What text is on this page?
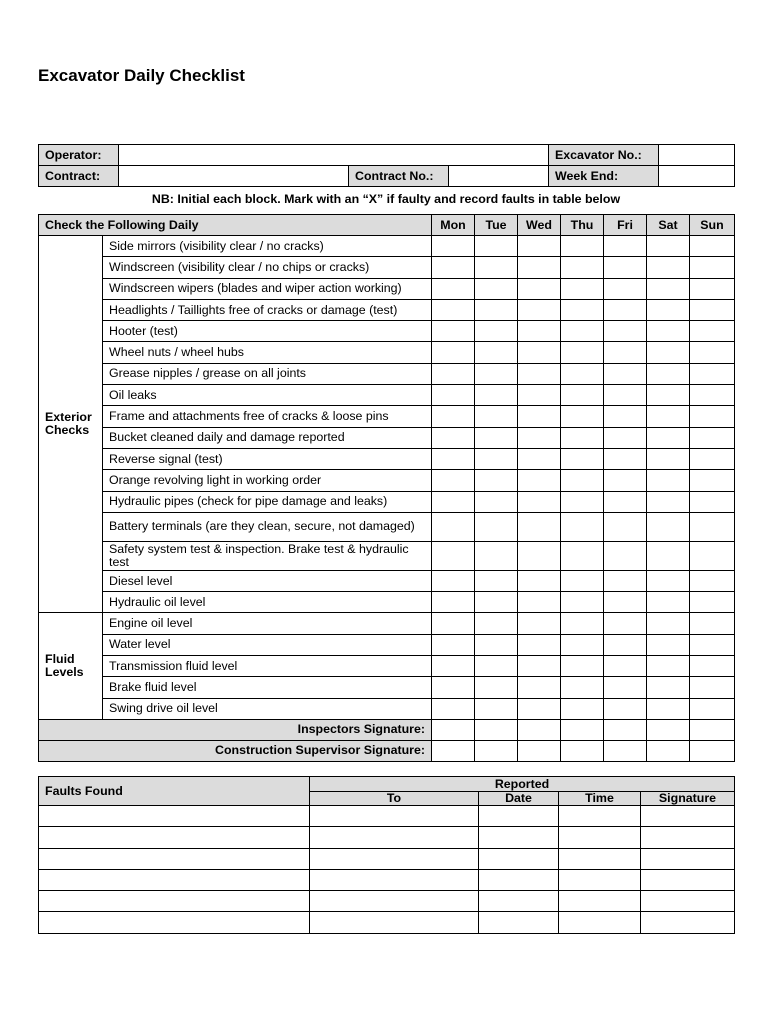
Excavator Daily Checklist
Operator:				Excavator No.:	
Contract:		Contract No.:		Week End:	
NB: Initial each block. Mark with an “X” if faulty and record faults in table below
Check the Following Daily		Mon	Tue	Wed	Thu	Fri	Sat	Sun
Exterior Checks	Side mirrors (visibility clear / no cracks)							
	Windscreen (visibility clear / no chips or cracks)							
	Windscreen wipers (blades and wiper action working)							
	Headlights / Taillights free of cracks or damage (test)							
	Hooter (test)							
	Wheel nuts / wheel hubs							
	Grease nipples / grease on all joints							
	Oil leaks							
	Frame and attachments free of cracks & loose pins							
	Bucket cleaned daily and damage reported							
	Reverse signal (test)							
	Orange revolving light in working order							
	Hydraulic pipes (check for pipe damage and leaks)							
	Battery terminals (are they clean, secure, not damaged)							
	Safety system test & inspection. Brake test & hydraulic test							
	Diesel level							
	Hydraulic oil level							
Fluid Levels	Engine oil level							
	Water level							
	Transmission fluid level							
	Brake fluid level							
	Swing drive oil level							
Inspectors Signature:								
Construction Supervisor Signature:								
Faults Found	Reported			
	To	Date	Time	Signature
